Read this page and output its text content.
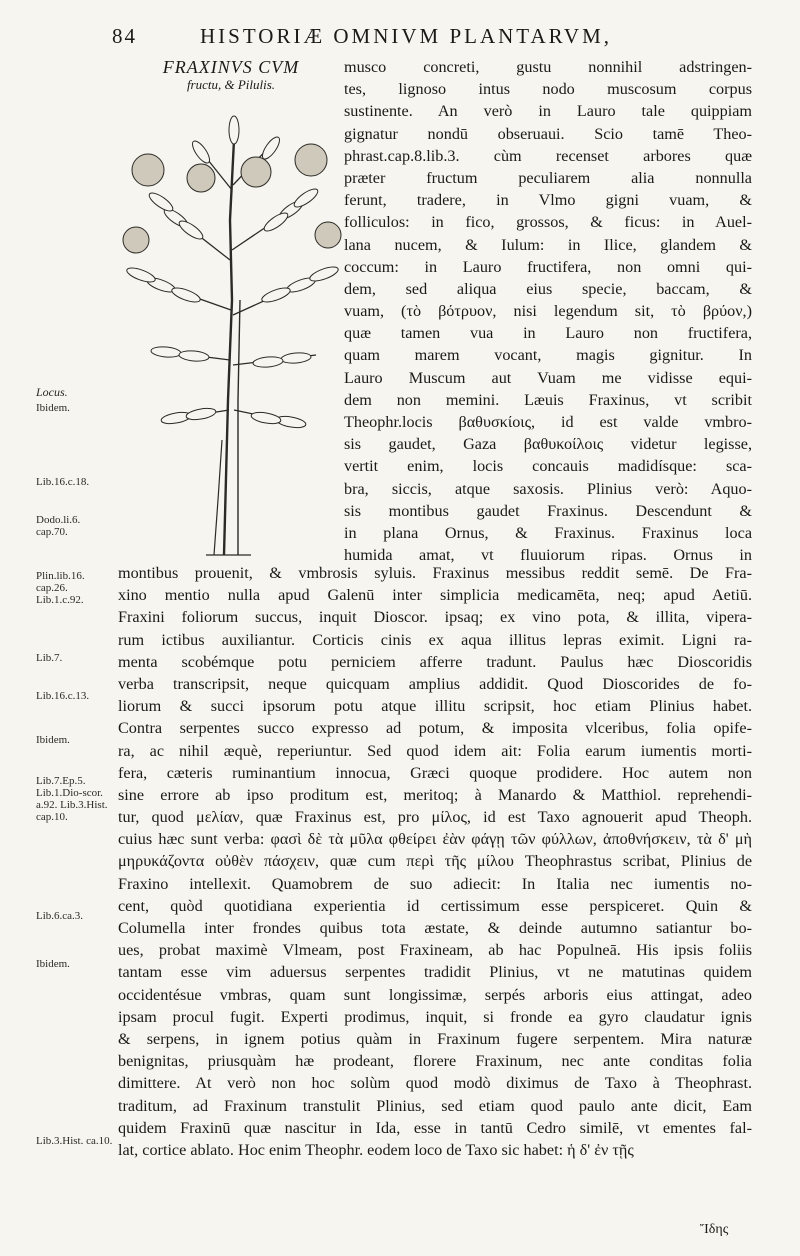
84	HISTORIÆ OMNIVM PLANTARVM,
FRAXINVS CVM
fructu, & Pilulis.
musco concreti, gustu nonnihil adstringen-
tes, lignoso intus nodo muscosum corpus
sustinente. An verò in Lauro tale quippiam
gignatur nondū obseruaui. Scio tamē Theo-
phrast.cap.8.lib.3. cùm recenset arbores quæ
præter fructum peculiarem alia nonnulla
ferunt, tradere, in Vlmo gigni vuam, &
folliculos: in fico, grossos, & ficus: in Auel-
lana nucem, & Iulum: in Ilice, glandem &
coccum: in Lauro fructifera, non omni qui-
dem, sed aliqua eius specie, baccam, &
vuam, (τὸ βότρυον, nisi legendum sit, τὸ βρύον,)
quæ tamen vua in Lauro non fructifera,
quam marem vocant, magis gignitur. In
Lauro Muscum aut Vuam me vidisse equi-
dem non memini. Læuis Fraxinus, vt scribit
Theophr.locis βαθυσκίοις, id est valde vmbro-
sis gaudet, Gaza βαθυκοίλοις videtur legisse,
vertit enim, locis concauis madidísque: sca-
bra, siccis, atque saxosis. Plinius verò: Aquo-
sis montibus gaudet Fraxinus. Descendunt &
in plana Ornus, & Fraxinus. Fraxinus loca
humida amat, vt fluuiorum ripas. Ornus in
montibus prouenit, & vmbrosis syluis. Fraxinus messibus reddit semē. De Fra-
xino mentio nulla apud Galenū inter simplicia medicamēta, neq; apud Aetiū.
Fraxini foliorum succus, inquit Dioscor. ipsaq; ex vino pota, & illita, vipera-
rum ictibus auxiliantur. Corticis cinis ex aqua illitus lepras eximit. Ligni ra-
menta scobémque potu perniciem afferre tradunt. Paulus hæc Dioscoridis
verba transcripsit, neque quicquam amplius addidit. Quod Dioscorides de fo-
liorum & succi ipsorum potu atque illitu scripsit, hoc etiam Plinius habet.
Contra serpentes succo expresso ad potum, & imposita vlceribus, folia opife-
ra, ac nihil æquè, reperiuntur. Sed quod idem ait: Folia earum iumentis morti-
fera, cæteris ruminantium innocua, Græci quoque prodidere. Hoc autem non
sine errore ab ipso proditum est, meritoq; à Manardo & Matthiol. reprehendi-
tur, quod μελίαν, quæ Fraxinus est, pro μίλος, id est Taxo agnouerit apud Theoph.
cuius hæc sunt verba: φασὶ δὲ τὰ μῦλα φθείρει ἐὰν φάγῃ τῶν φύλλων, ἀποθνήσκειν, τὰ δ' μὴ
μηρυκάζοντα οὐθὲν πάσχειν, quæ cum περὶ τῆς μίλου Theophrastus scribat, Plinius de
Fraxino intellexit. Quamobrem de suo adiecit: In Italia nec iumentis no-
cent, quòd quotidiana experientia id certissimum esse perspiceret. Quin &
Columella inter frondes quibus tota æstate, & deinde autumno satiantur bo-
ues, probat maximè Vlmeam, post Fraxineam, ab hac Populneā. His ipsis foliis
tantam esse vim aduersus serpentes tradidit Plinius, vt ne matutinas quidem
occidentésue vmbras, quam sunt longissimæ, serpés arboris eius attingat, adeo
ipsam procul fugit. Experti prodimus, inquit, si fronde ea gyro claudatur ignis
& serpens, in ignem potius quàm in Fraxinum fugere serpentem. Mira naturæ
benignitas, priusquàm hæ prodeant, florere Fraxinum, nec ante conditas folia
dimittere. At verò non hoc solùm quod modò diximus de Taxo à Theophrast.
traditum, ad Fraxinum transtulit Plinius, sed etiam quod paulo ante dicit, Eam
quidem Fraxinū quæ nascitur in Ida, esse in tantū Cedro similē, vt ementes fal-
lat, cortice ablato. Hoc enim Theophr. eodem loco de Taxo sic habet: ἡ δ' ἐν τῇς
Locus.
Ibidem.
Lib.16.c.18.
Dodo.li.6. cap.70.
Plin.lib.16. cap.26. Lib.1.c.92.
Lib.7.
Lib.16.c.13.
Ibidem.
Lib.7.Ep.5. Lib.1.Dio-scor. a.92. Lib.3.Hist. cap.10.
Lib.6.ca.3.
Ibidem.
Lib.3.Hist. ca.10.
Ἴδης
